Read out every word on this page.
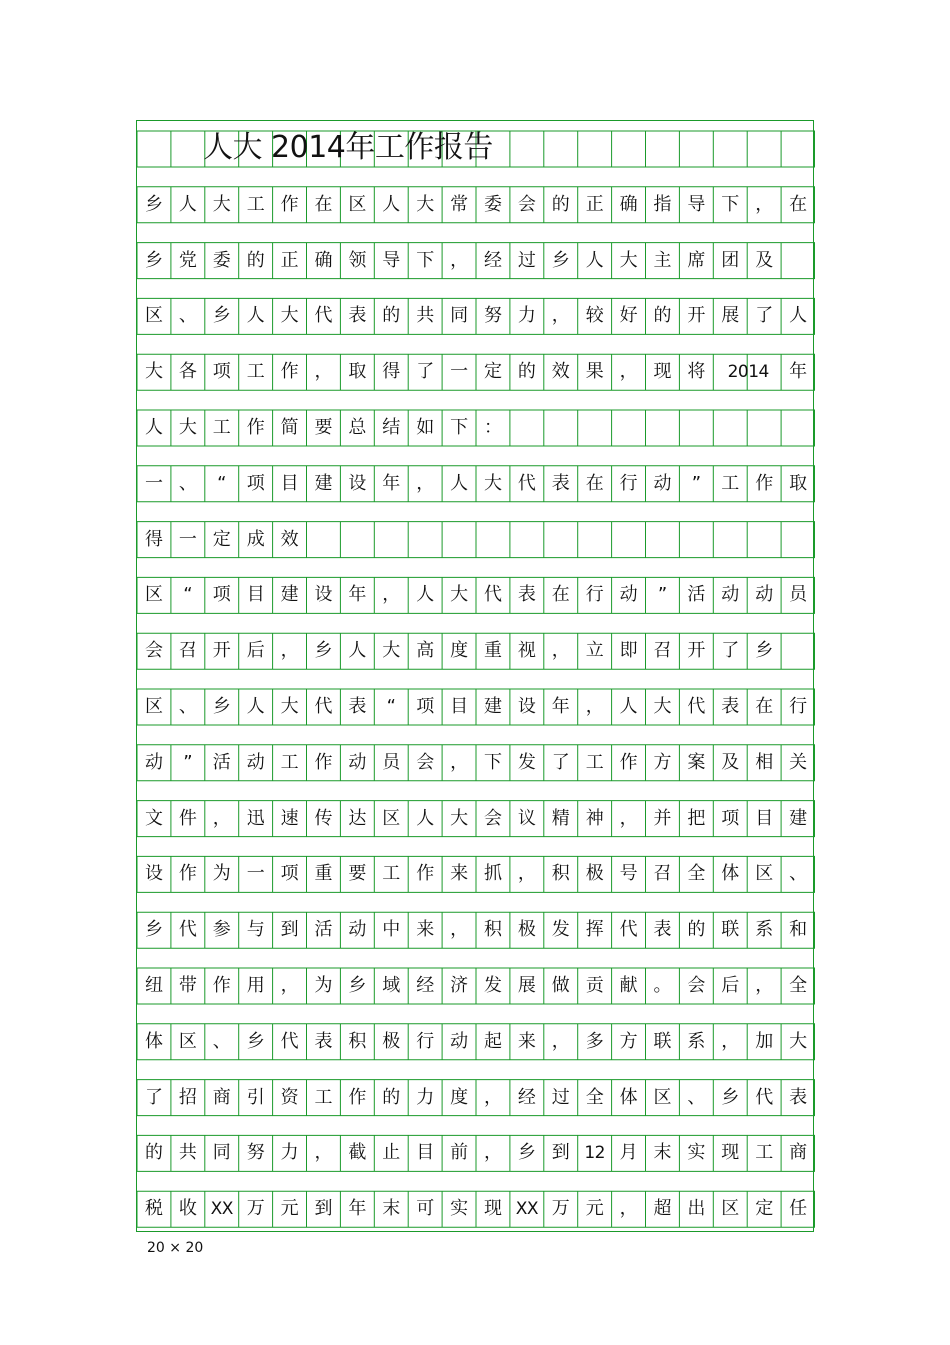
人大 2014年工作报告
乡 人 大 工 作 在 区 人 大 常 委 会 的 正 确 指 导 下 ， 在
乡 党 委 的 正 确 领 导 下 ， 经 过 乡 人 大 主 席 团 及
区 、 乡 人 大 代 表 的 共 同 努 力 ， 较 好 的 开 展 了 人
大 各 项 工 作 ， 取 得 了 一 定 的 效 果 ， 现 将	2014	年
人 大 工 作 简 要 总 结 如 下 ：
一 、	“	项 目 建 设 年 ， 人 大 代 表 在 行 动	”	工 作 取
得 一 定 成 效
区	“	项 目 建 设 年 ， 人 大 代 表 在 行 动	”	活 动 动 员
会 召 开 后 ， 乡 人 大 高 度 重 视 ， 立 即 召 开 了 乡
区 、 乡 人 大 代 表	“	项 目 建 设 年 ， 人 大 代 表 在 行
动	”	活 动 工 作 动 员 会 ， 下 发 了 工 作 方 案 及 相 关
文 件 ， 迅 速 传 达 区 人 大 会 议 精 神 ， 并 把 项 目 建
设 作 为 一 项 重 要 工 作 来 抓 ， 积 极 号 召 全 体 区 、
乡 代 参 与 到 活 动 中 来 ， 积 极 发 挥 代 表 的 联 系 和
纽 带 作 用 ， 为 乡 域 经 济 发 展 做 贡 献 。 会 后 ， 全
体 区 、 乡 代 表 积 极 行 动 起 来 ， 多 方 联 系 ， 加 大
了 招 商 引 资 工 作 的 力 度 ， 经 过 全 体 区 、 乡 代 表
的 共 同 努 力 ， 截 止 目 前 ， 乡 到 12 月 末 实 现 工 商
税 收 XX 万 元 到 年 末 可 实 现 XX 万 元 ， 超 出 区 定 任
20 × 20
